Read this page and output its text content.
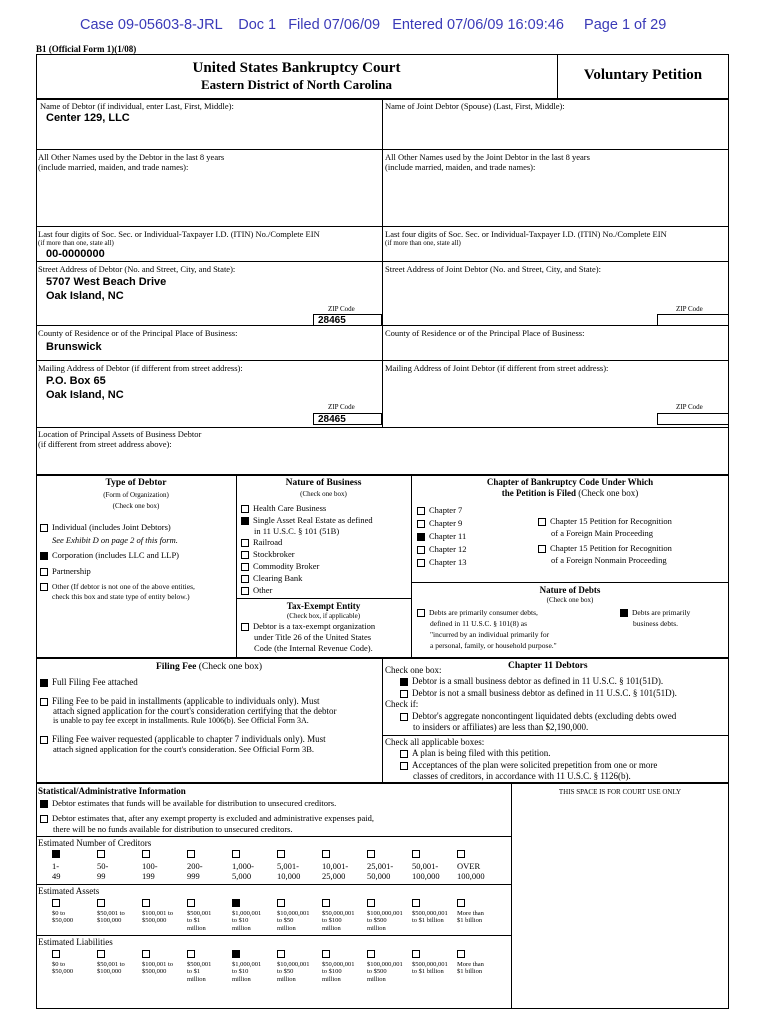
Case 09-05603-8-JRL    Doc 1   Filed 07/06/09   Entered 07/06/09 16:09:46     Page 1 of 29
B1 (Official Form 1)(1/08)
United States Bankruptcy Court
Eastern District of North Carolina
Voluntary Petition
Name of Debtor (if individual, enter Last, First, Middle):
Center 129, LLC
Name of Joint Debtor (Spouse) (Last, First, Middle):
All Other Names used by the Debtor in the last 8 years
(include married, maiden, and trade names):
All Other Names used by the Joint Debtor in the last 8 years
(include married, maiden, and trade names):
Last four digits of Soc. Sec. or Individual-Taxpayer I.D. (ITIN) No./Complete EIN
(if more than one, state all)
00-0000000
Last four digits of Soc. Sec. or Individual-Taxpayer I.D. (ITIN) No./Complete EIN
(if more than one, state all)
Street Address of Debtor (No. and Street, City, and State):
5707 West Beach Drive
Oak Island, NC
ZIP Code
28465
Street Address of Joint Debtor (No. and Street, City, and State):
ZIP Code
County of Residence or of the Principal Place of Business:
Brunswick
County of Residence or of the Principal Place of Business:
Mailing Address of Debtor (if different from street address):
P.O. Box 65
Oak Island, NC
ZIP Code
28465
Mailing Address of Joint Debtor (if different from street address):
ZIP Code
Location of Principal Assets of Business Debtor
(if different from street address above):
Type of Debtor
(Form of Organization)
(Check one box)
Individual (includes Joint Debtors)
See Exhibit D on page 2 of this form.
Corporation (includes LLC and LLP)
Partnership
Other (If debtor is not one of the above entities,
check this box and state type of entity below.)
Nature of Business
(Check one box)
Health Care Business
Single Asset Real Estate as defined
in 11 U.S.C. § 101 (51B)
Railroad
Stockbroker
Commodity Broker
Clearing Bank
Other
Tax-Exempt Entity
(Check box, if applicable)
Debtor is a tax-exempt organization
under Title 26 of the United States
Code (the Internal Revenue Code).
Chapter of Bankruptcy Code Under Which
the Petition is Filed (Check one box)
Chapter 7
Chapter 9
Chapter 11
Chapter 12
Chapter 13
Chapter 15 Petition for Recognition
of a Foreign Main Proceeding
Chapter 15 Petition for Recognition
of a Foreign Nonmain Proceeding
Nature of Debts
(Check one box)
Debts are primarily consumer debts,
defined in 11 U.S.C. § 101(8) as
"incurred by an individual primarily for
a personal, family, or household purpose."
Debts are primarily
business debts.
Filing Fee (Check one box)
Full Filing Fee attached
Filing Fee to be paid in installments (applicable to individuals only). Must
attach signed application for the court's consideration certifying that the debtor
is unable to pay fee except in installments. Rule 1006(b). See Official Form 3A.
Filing Fee waiver requested (applicable to chapter 7 individuals only). Must
attach signed application for the court's consideration. See Official Form 3B.
Check one box:	Chapter 11 Debtors
Debtor is a small business debtor as defined in 11 U.S.C. § 101(51D).
Debtor is not a small business debtor as defined in 11 U.S.C. § 101(51D).
Check if:
Debtor's aggregate noncontingent liquidated debts (excluding debts owed
to insiders or affiliates) are less than $2,190,000.
Check all applicable boxes:
A plan is being filed with this petition.
Acceptances of the plan were solicited prepetition from one or more
classes of creditors, in accordance with 11 U.S.C. § 1126(b).
Statistical/Administrative Information	THIS SPACE IS FOR COURT USE ONLY
Debtor estimates that funds will be available for distribution to unsecured creditors.
Debtor estimates that, after any exempt property is excluded and administrative expenses paid,
there will be no funds available for distribution to unsecured creditors.
Estimated Number of Creditors
1-
49
50-
99
100-
199
200-
999
1,000-
5,000
5,001-
10,000
10,001-
25,000
25,001-
50,000
50,001-
100,000
OVER
100,000
Estimated Assets
$0 to
$50,000
$50,001 to
$100,000
$100,001 to
$500,000
$500,001
to $1
million
$1,000,001
to $10
million
$10,000,001
to $50
million
$50,000,001
to $100
million
$100,000,001
to $500
million
$500,000,001
to $1 billion
More than
$1 billion
Estimated Liabilities
$0 to
$50,000
$50,001 to
$100,000
$100,001 to
$500,000
$500,001
to $1
million
$1,000,001
to $10
million
$10,000,001
to $50
million
$50,000,001
to $100
million
$100,000,001
to $500
million
$500,000,001
to $1 billion
More than
$1 billion
